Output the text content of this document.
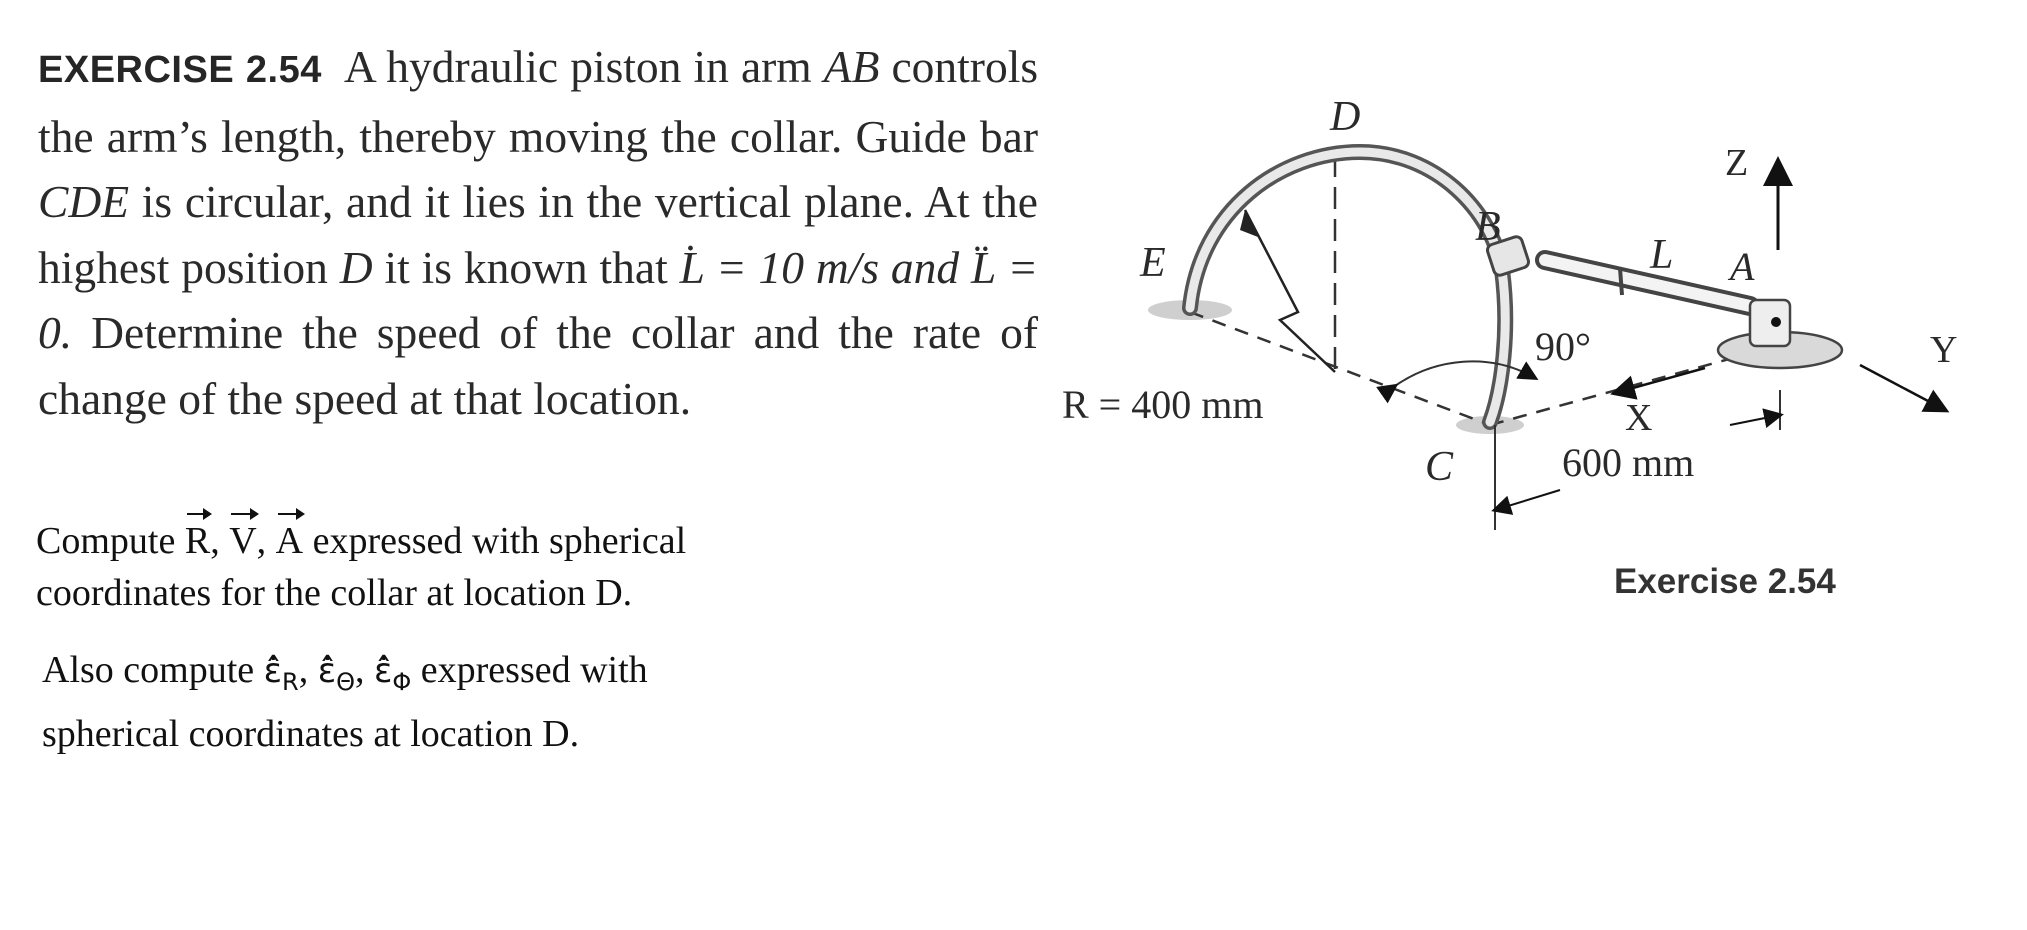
EXERCISE 2.54 A hydraulic piston in arm AB controls the arm’s length, thereby moving the collar. Guide bar CDE is circular, and it lies in the vertical plane. At the highest position D it is known that L̇ = 10 m/s and L̈ = 0. Determine the speed of the collar and the rate of change of the speed at that location.
Compute R, V, A expressed with spherical
coordinates for the collar at location D.
Also compute $\varepsilon̂̇_R$, $\varepsilon̂̇_\Theta$, $\varepsilon̂̇_\Phi$ expressed with
spherical coordinates at location D.
D
E
B
C
L A
Z
Y
X
90°
R = 400 mm
600 mm
Exercise 2.54
